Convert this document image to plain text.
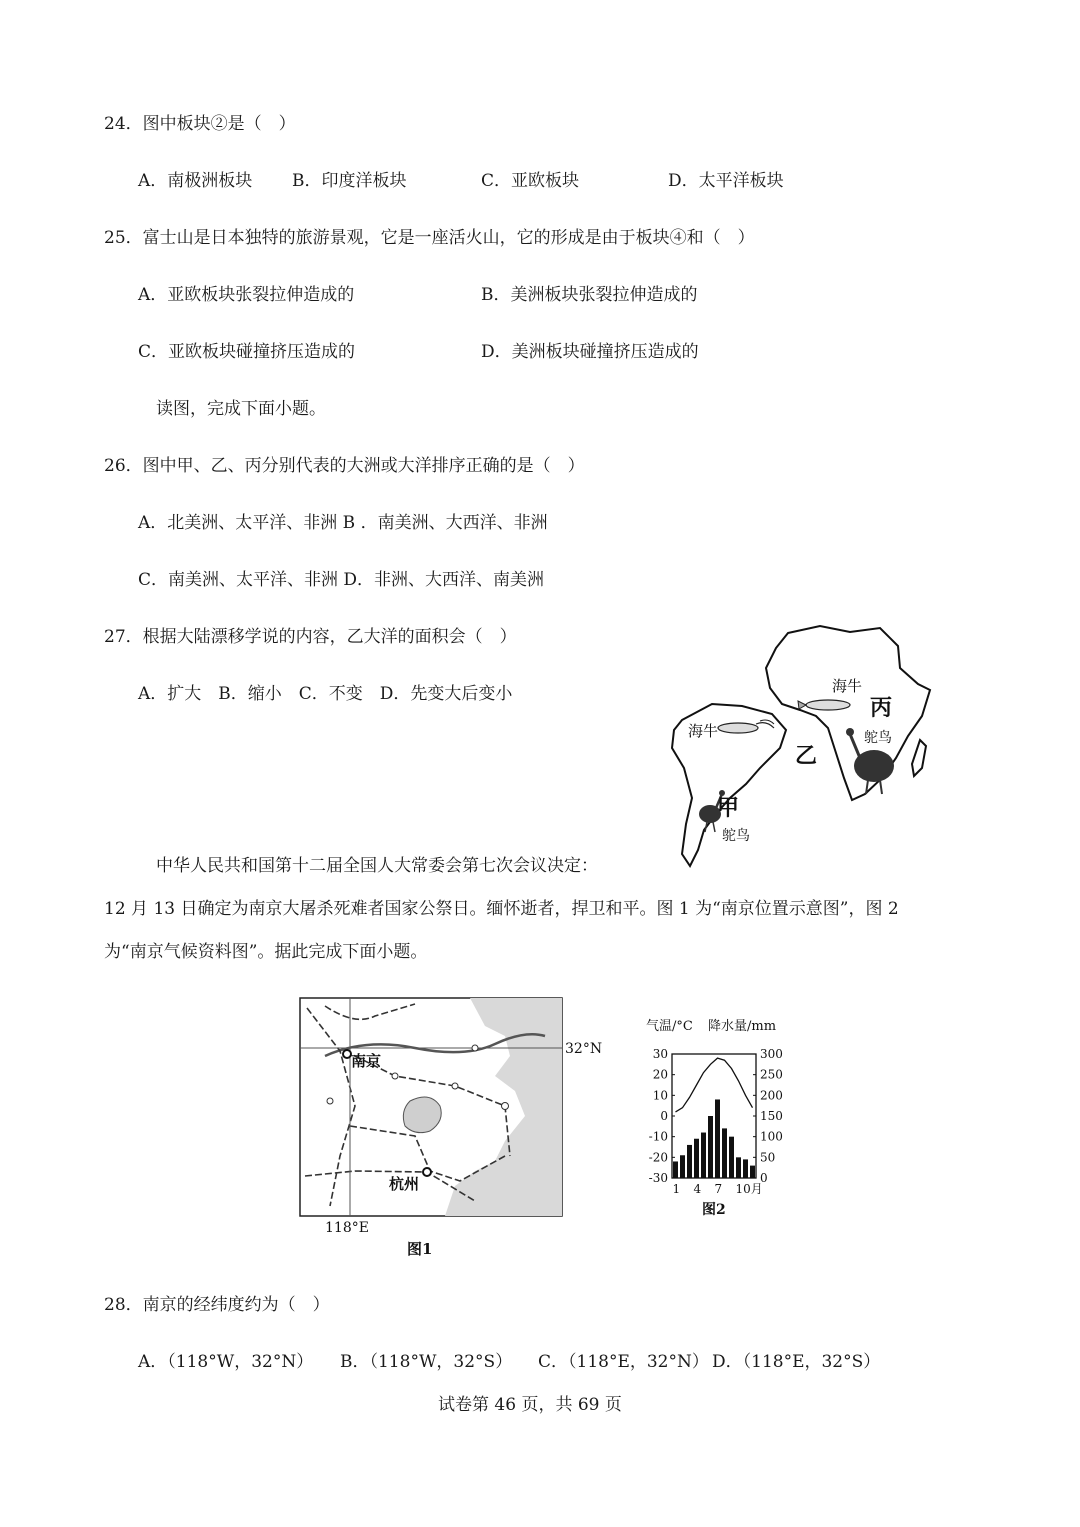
24．图中板块②是（　）
A．南极洲板块 B．印度洋板块	C．亚欧板块	D．太平洋板块
25．富士山是日本独特的旅游景观，它是一座活火山，它的形成是由于板块④和（　）
A．亚欧板块张裂拉伸造成的	B．美洲板块张裂拉伸造成的
C．亚欧板块碰撞挤压造成的	D．美洲板块碰撞挤压造成的
读图，完成下面小题。
26．图中甲、乙、丙分别代表的大洲或大洋排序正确的是（　）
A．北美洲、太平洋、非洲 B ．南美洲、大西洋、非洲
C．南美洲、太平洋、非洲 D．非洲、大西洋、南美洲
27．根据大陆漂移学说的内容，乙大洋的面积会（　）
A．扩大　B．缩小　C．不变　D．先变大后变小	海牛
海牛
丙
乙
甲
鸵鸟
鸵鸟
中华人民共和国第十二届全国人大常委会第七次会议决定：
12 月 13 日确定为南京大屠杀死难者国家公祭日。缅怀逝者，捍卫和平。图 1 为“南京位置示意图”，图 2
为“南京气候资料图”。据此完成下面小题。
南京
杭州
32°N
118°E
图1
气温/°C 降水量/mm
30
20
10
0
-10
-20
-30
300
250
200
150
100
50
0
1 4 7 10月
图2
28．南京的经纬度约为（　）
A．（118°W，32°N） B．（118°W，32°S） C．（118°E，32°N） D．（118°E，32°S）
试卷第 46 页，共 69 页
